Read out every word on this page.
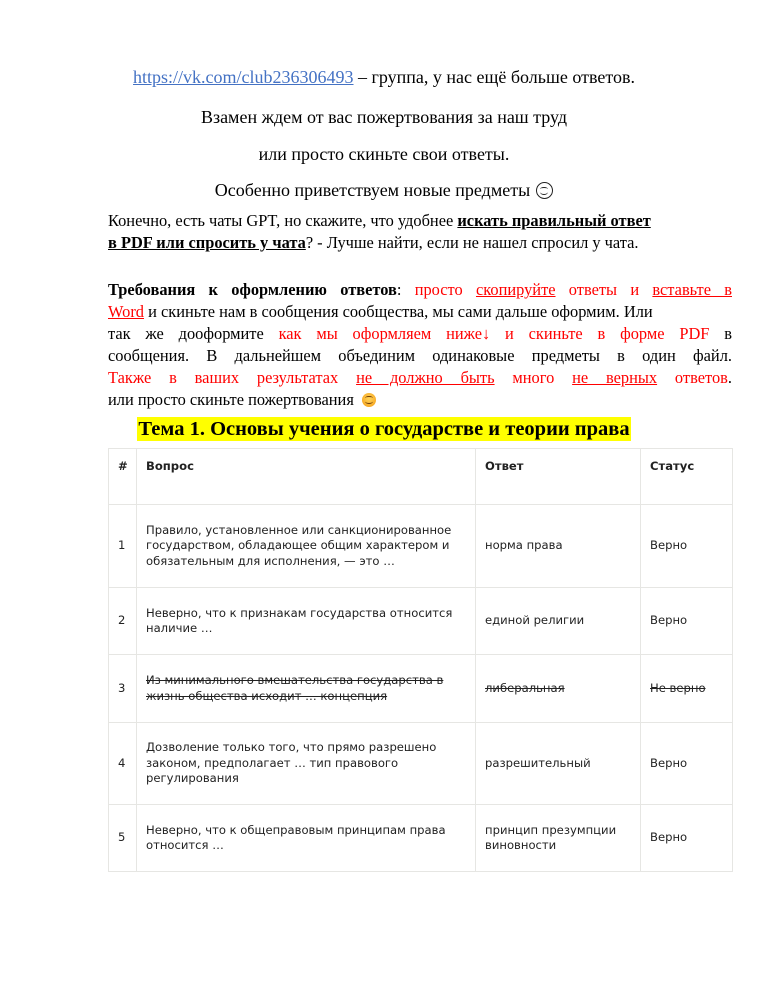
https://vk.com/club236306493 – группа, у нас ещё больше ответов.
Взамен ждем от вас пожертвования за наш труд
или просто скиньте свои ответы.
Особенно приветствуем новые предметы
Конечно, есть чаты GPT, но скажите, что удобнее искать правильный ответ
в PDF или спросить у чата? - Лучше найти, если не нашел спросил у чата.
Требования к оформлению ответов: просто скопируйте ответы и вставьте в
Word и скиньте нам в сообщения сообщества, мы сами дальше оформим. Или
так же дооформите как мы оформляем ниже↓ и скиньте в форме PDF в
сообщения. В дальнейшем объединим одинаковые предметы в один файл.
Также в ваших результатах не должно быть много не верных ответов.
или просто скиньте пожертвования
Тема 1. Основы учения о государстве и теории права
#	Вопрос	Ответ	Статус
1	Правило, установленное или санкционированное государством, обладающее общим характером и обязательным для исполнения, — это …	норма права	Верно
2	Неверно, что к признакам государства относится наличие …	единой религии	Верно
3	Из минимального вмешательства государства в жизнь общества исходит … концепция	либеральная	Не верно
4	Дозволение только того, что прямо разрешено законом, предполагает … тип правового регулирования	разрешительный	Верно
5	Неверно, что к общеправовым принципам права относится …	принцип презумпции виновности	Верно
